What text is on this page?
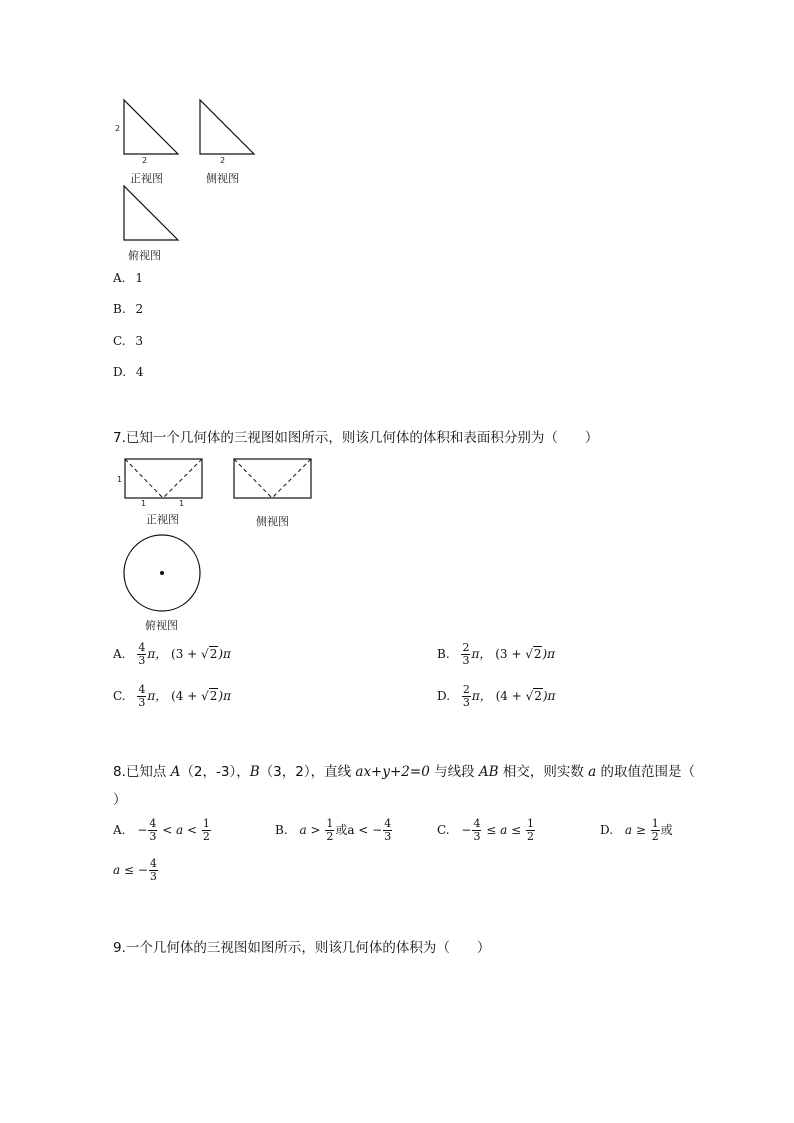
2
2	2
正视图	侧视图
俯视图
A. 1
B. 2
C. 3
D. 4
7.已知一个几何体的三视图如图所示，则该几何体的体积和表面积分别为（　　）
1
1	1
正视图	侧视图
俯视图
A. $\frac{4}{3}$ π， (3 + √2)π	B. $\frac{2}{3}$ π， (3 + √2)π
C. $\frac{4}{3}$ π， (4 + √2)π	D. $\frac{2}{3}$ π， (4 + √2)π
8.已知点 A（2，-3），B（3，2），直线 ax+y+2=0 与线段 AB 相交，则实数 a 的取值范围是（
）
A. − $\frac{4}{3} < a < \frac{1}{2}$	B. $a > \frac{1}{2}$ 或a < − $\frac{4}{3}$	C. − $\frac{4}{3} \le a \le \frac{1}{2}$	D. $a \ge \frac{1}{2}$ 或
a ≤ − $\frac{4}{3}$
9.一个几何体的三视图如图所示，则该几何体的体积为（　　）
